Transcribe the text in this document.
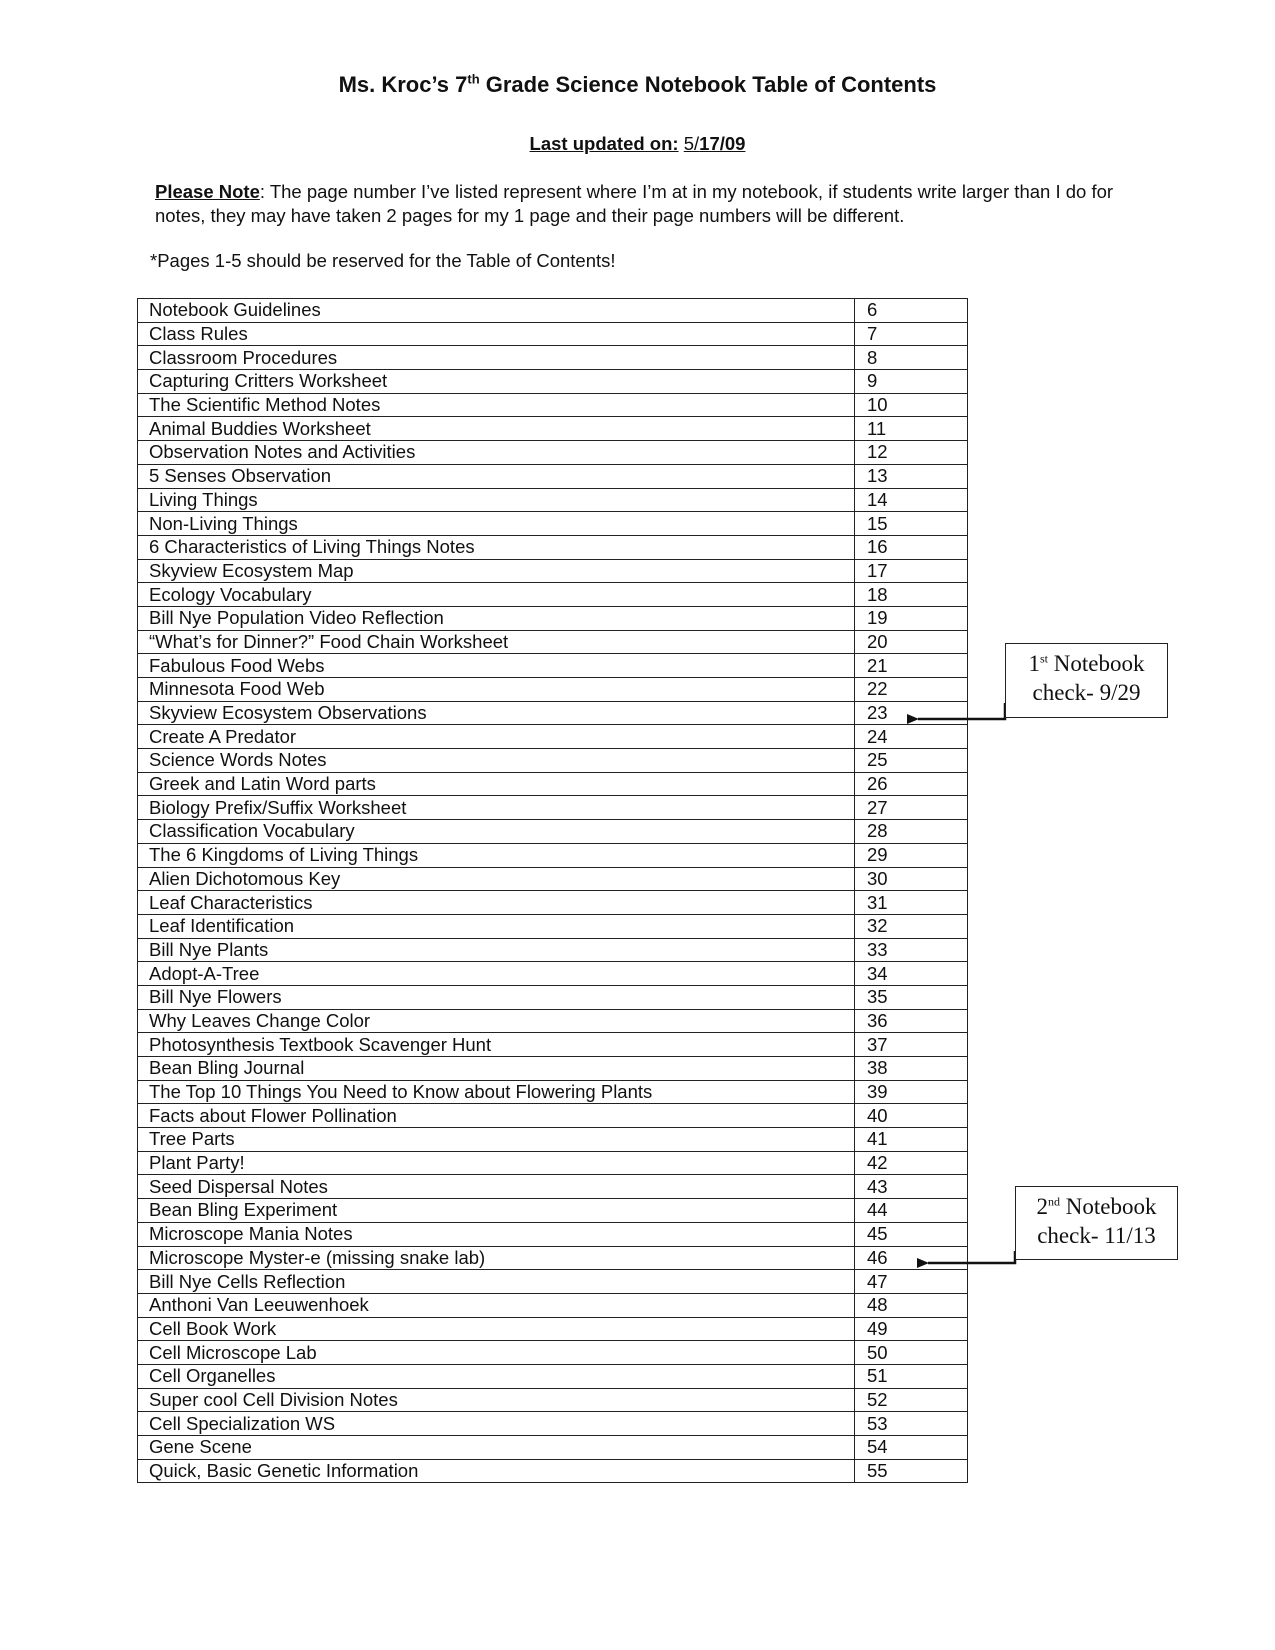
Ms. Kroc’s 7th Grade Science Notebook Table of Contents
Last updated on: 5/17/09
Please Note: The page number I’ve listed represent where I’m at in my notebook, if students write larger than I do for notes, they may have taken 2 pages for my 1 page and their page numbers will be different.
*Pages 1-5 should be reserved for the Table of Contents!
Notebook Guidelines	6
Class Rules	7
Classroom Procedures	8
Capturing Critters Worksheet	9
The Scientific Method Notes	10
Animal Buddies Worksheet	11
Observation Notes and Activities	12
5 Senses Observation	13
Living Things	14
Non-Living Things	15
6 Characteristics of Living Things Notes	16
Skyview Ecosystem Map	17
Ecology Vocabulary	18
Bill Nye Population Video Reflection	19
“What’s for Dinner?” Food Chain Worksheet	20
Fabulous Food Webs	21
Minnesota Food Web	22
Skyview Ecosystem Observations	23
Create A Predator	24
Science Words Notes	25
Greek and Latin Word parts	26
Biology Prefix/Suffix Worksheet	27
Classification Vocabulary	28
The 6 Kingdoms of Living Things	29
Alien Dichotomous Key	30
Leaf Characteristics	31
Leaf Identification	32
Bill Nye Plants	33
Adopt-A-Tree	34
Bill Nye Flowers	35
Why Leaves Change Color	36
Photosynthesis Textbook Scavenger Hunt	37
Bean Bling Journal	38
The Top 10 Things You Need to Know about Flowering Plants	39
Facts about Flower Pollination	40
Tree Parts	41
Plant Party!	42
Seed Dispersal Notes	43
Bean Bling Experiment	44
Microscope Mania Notes	45
Microscope Myster-e (missing snake lab)	46
Bill Nye Cells Reflection	47
Anthoni Van Leeuwenhoek	48
Cell Book Work	49
Cell Microscope Lab	50
Cell Organelles	51
Super cool Cell Division Notes	52
Cell Specialization WS	53
Gene Scene	54
Quick, Basic Genetic Information	55
1st Notebook
check- 9/29
2nd Notebook
check- 11/13
